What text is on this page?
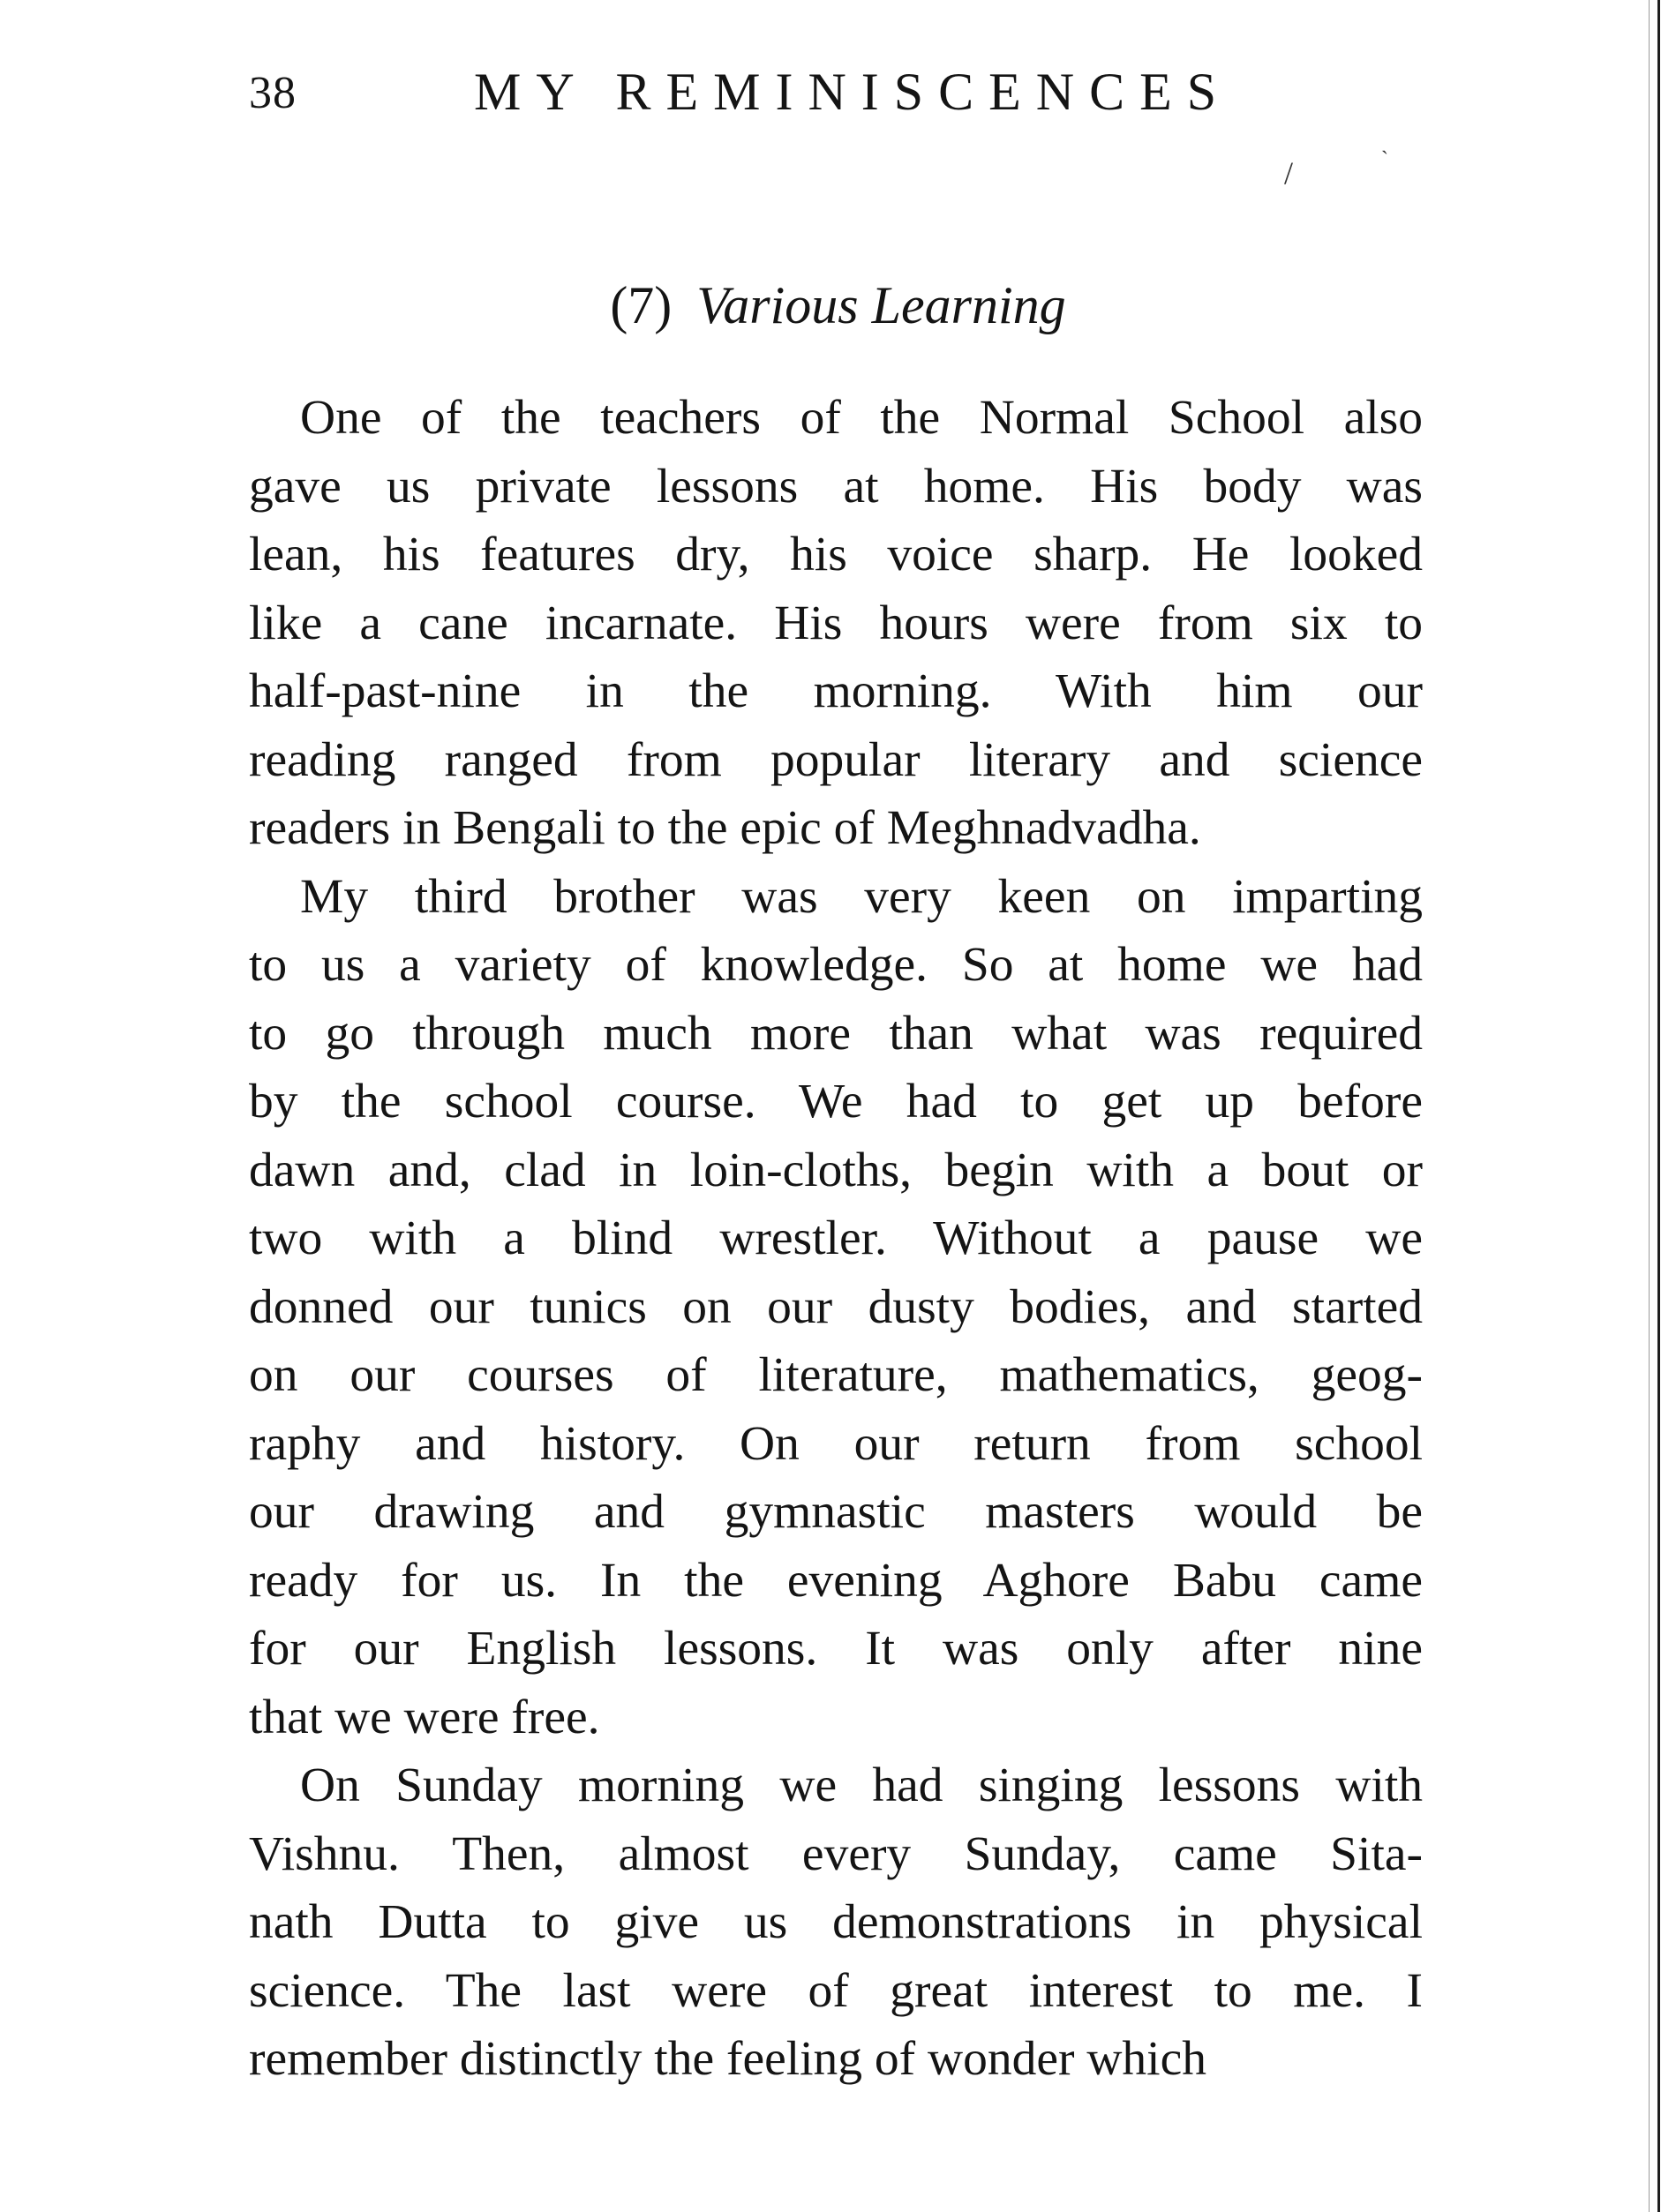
38	MY REMINISCENCES
/	`
(7) Various Learning
One of the teachers of the Normal School also
gave us private lessons at home. His body was
lean, his features dry, his voice sharp. He looked
like a cane incarnate. His hours were from six to
half-past-nine in the morning. With him our
reading ranged from popular literary and science
readers in Bengali to the epic of Meghnadvadha.
My third brother was very keen on imparting
to us a variety of knowledge. So at home we had
to go through much more than what was required
by the school course. We had to get up before
dawn and, clad in loin-cloths, begin with a bout or
two with a blind wrestler. Without a pause we
donned our tunics on our dusty bodies, and started
on our courses of literature, mathematics, geog-
raphy and history. On our return from school
our drawing and gymnastic masters would be
ready for us. In the evening Aghore Babu came
for our English lessons. It was only after nine
that we were free.
On Sunday morning we had singing lessons with
Vishnu. Then, almost every Sunday, came Sita-
nath Dutta to give us demonstrations in physical
science. The last were of great interest to me. I
remember distinctly the feeling of wonder which
